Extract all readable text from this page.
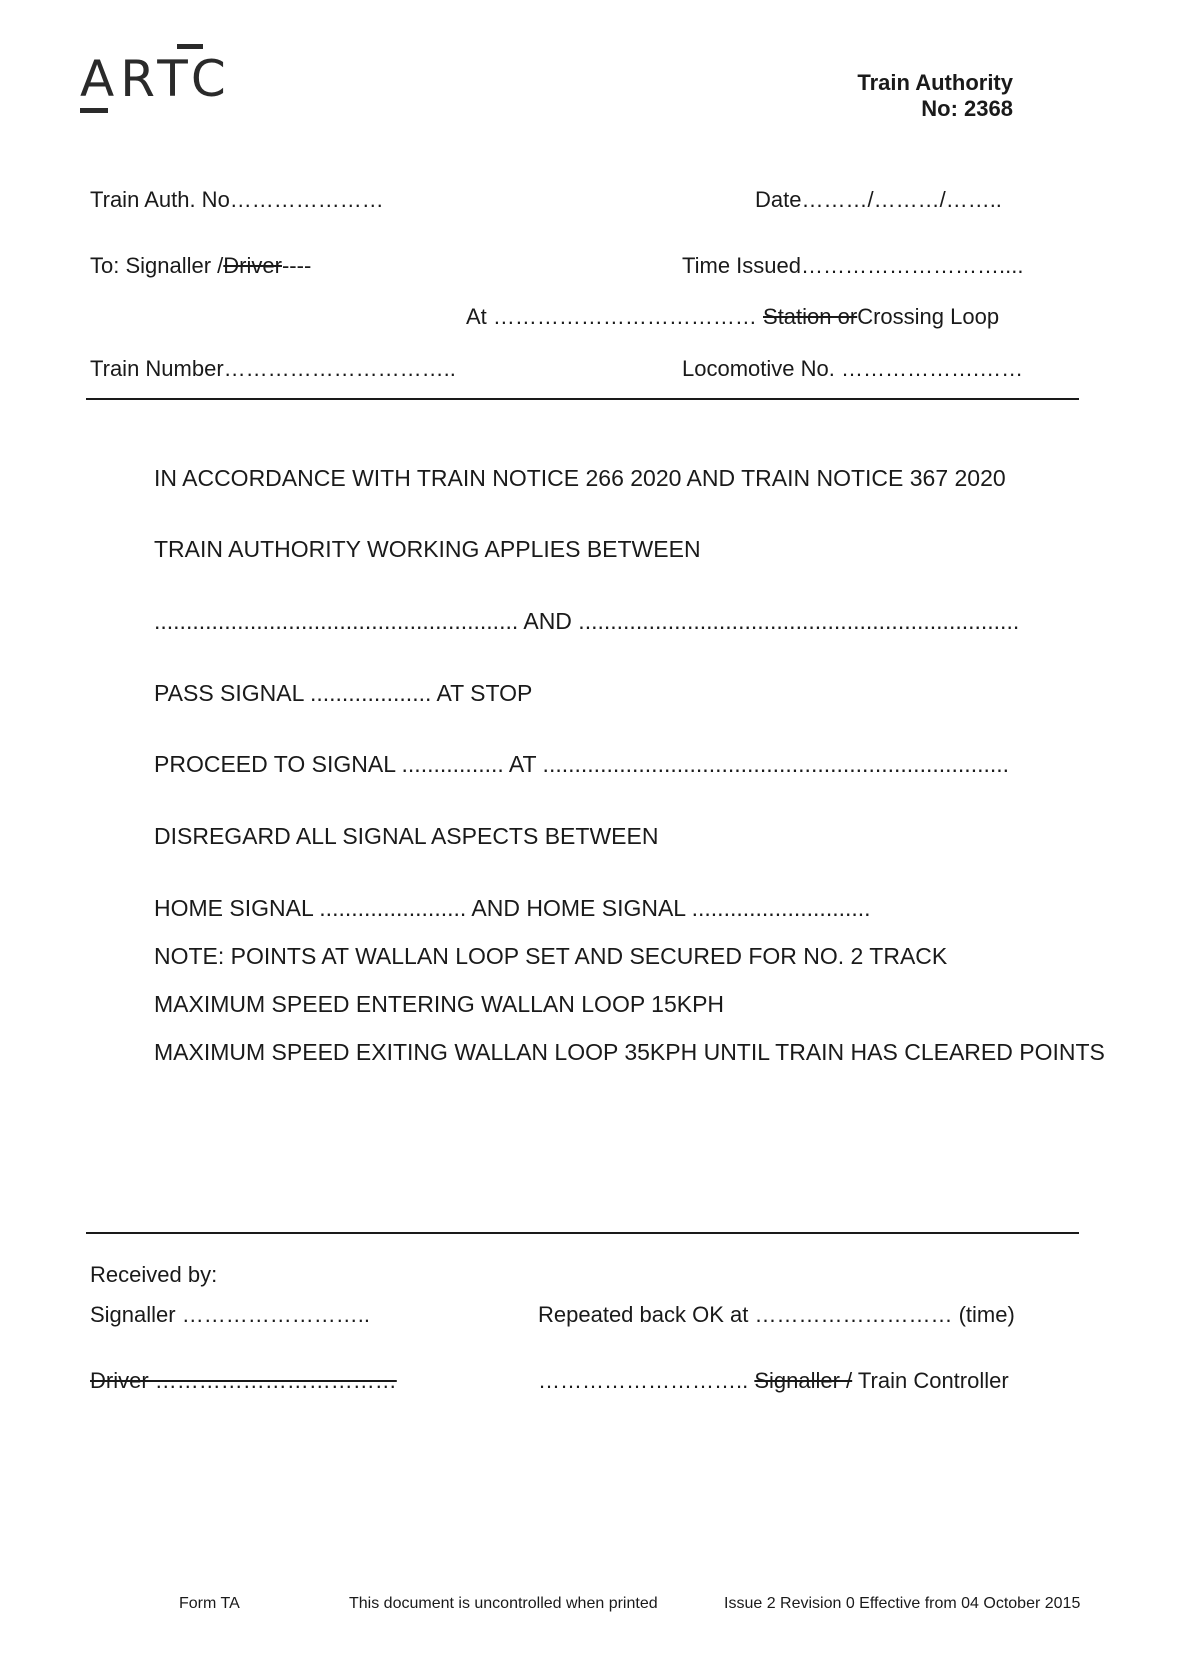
ARTC	Train Authority
No: 2368
Train Auth. No…………………	Date………/………/……..
To: Signaller /Driver----	Time Issued………………………....
At ……………………………… Station orCrossing Loop
Train Number…………………………..	Locomotive No. ……………….……
IN ACCORDANCE WITH TRAIN NOTICE 266 2020 AND TRAIN NOTICE 367 2020
TRAIN AUTHORITY WORKING APPLIES BETWEEN
......................................................... AND .....................................................................
PASS SIGNAL ................... AT STOP
PROCEED TO SIGNAL ................ AT .........................................................................
DISREGARD ALL SIGNAL ASPECTS BETWEEN
HOME SIGNAL ....................... AND HOME SIGNAL ............................
NOTE: POINTS AT WALLAN LOOP SET AND SECURED FOR NO. 2 TRACK
MAXIMUM SPEED ENTERING WALLAN LOOP 15KPH
MAXIMUM SPEED EXITING WALLAN LOOP 35KPH UNTIL TRAIN HAS CLEARED POINTS
Received by:
Signaller ……………………..	Repeated back OK at ……………………… (time)
Driver ……………………………	……………………….. Signaller / Train Controller
Form TA	This document is uncontrolled when printed	Issue 2 Revision 0 Effective from 04 October 2015
